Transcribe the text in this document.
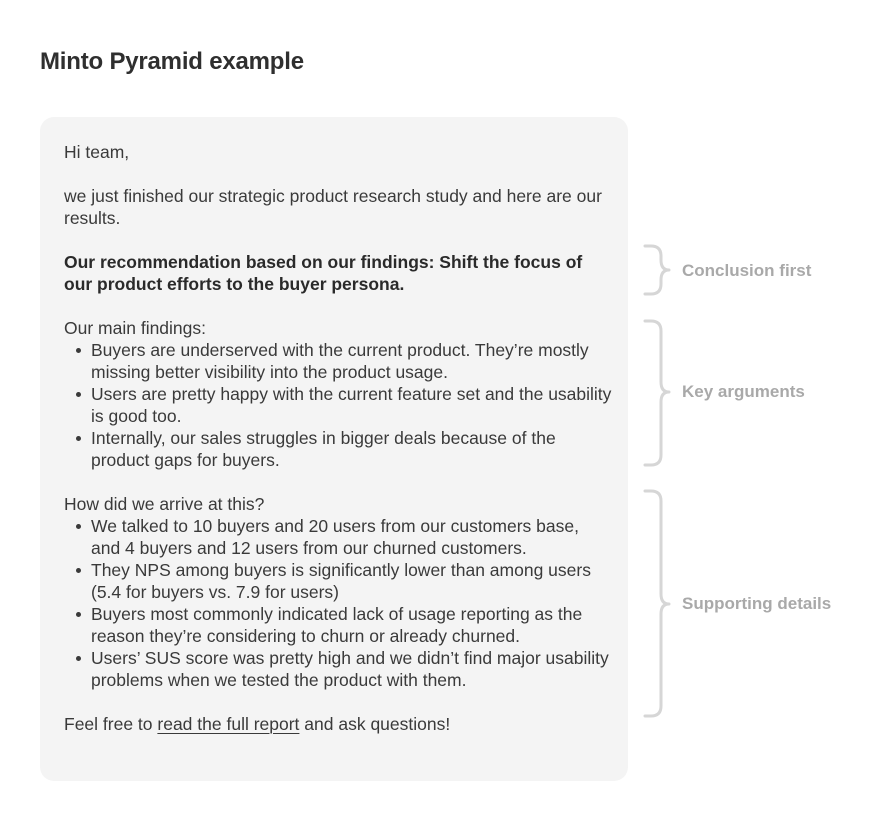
Minto Pyramid example

Hi team,

we just finished our strategic product research study and here are our results.

Our recommendation based on our findings: Shift the focus of our product efforts to the buyer persona.

Our main findings:

Buyers are underserved with the current product. They’re mostly missing better visibility into the product usage.
Users are pretty happy with the current feature set and the usability is good too.
Internally, our sales struggles in bigger deals because of the product gaps for buyers.

How did we arrive at this?

We talked to 10 buyers and 20 users from our customers base, and 4 buyers and 12 users from our churned customers.
They NPS among buyers is significantly lower than among users (5.4 for buyers vs. 7.9 for users)
Buyers most commonly indicated lack of usage reporting as the reason they’re considering to churn or already churned.
Users’ SUS score was pretty high and we didn’t find major usability problems when we tested the product with them.

Feel free to read the full report and ask questions!

Conclusion first
Key arguments
Supporting details
